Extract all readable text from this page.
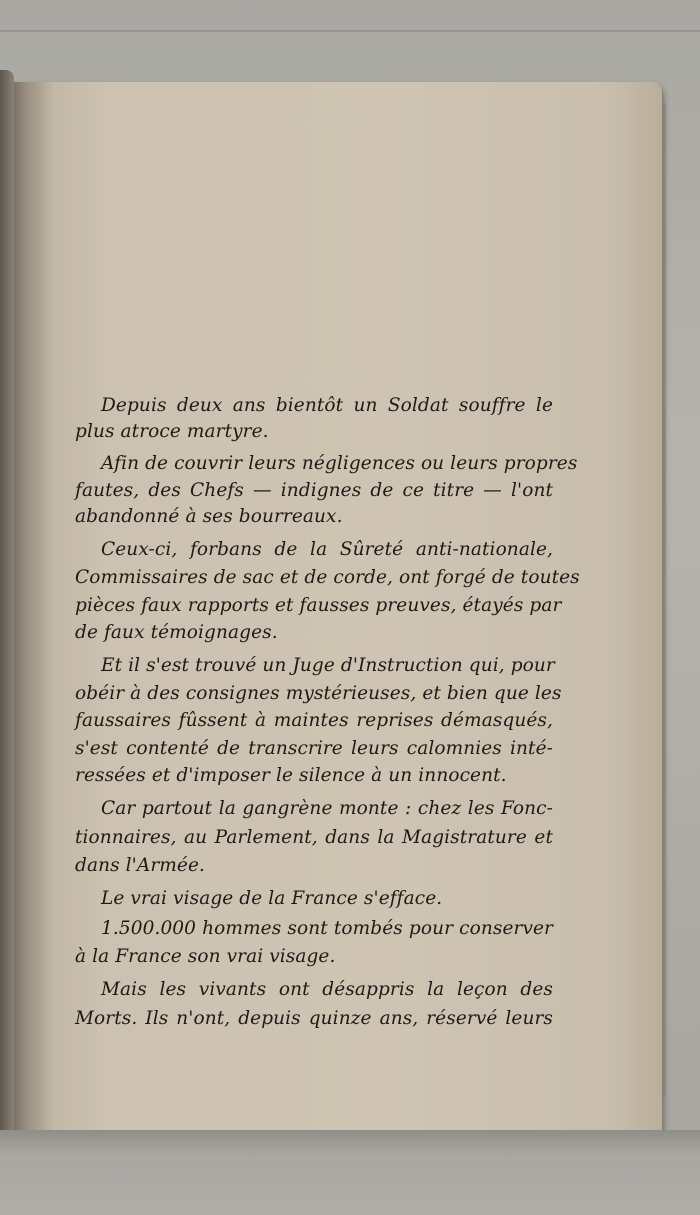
Depuis deux ans bientôt un Soldat souffre le
plus atroce martyre.
Afin de couvrir leurs négligences ou leurs propres
fautes, des Chefs — indignes de ce titre — l'ont
abandonné à ses bourreaux.
Ceux-ci, forbans de la Sûreté anti-nationale,
Commissaires de sac et de corde, ont forgé de toutes
pièces faux rapports et fausses preuves, étayés par
de faux témoignages.
Et il s'est trouvé un Juge d'Instruction qui, pour
obéir à des consignes mystérieuses, et bien que les
faussaires fûssent à maintes reprises démasqués,
s'est contenté de transcrire leurs calomnies inté-
ressées et d'imposer le silence à un innocent.
Car partout la gangrène monte : chez les Fonc-
tionnaires, au Parlement, dans la Magistrature et
dans l'Armée.
Le vrai visage de la France s'efface.
1.500.000 hommes sont tombés pour conserver
à la France son vrai visage.
Mais les vivants ont désappris la leçon des
Morts. Ils n'ont, depuis quinze ans, réservé leurs
